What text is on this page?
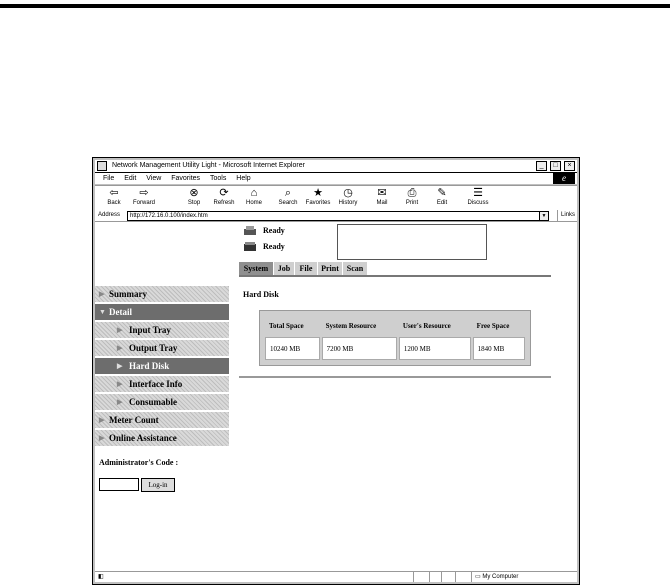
Network Management Utility Light - Microsoft Internet Explorer	_ □ ×
File Edit View Favorites Tools Help	e
⇦
Back
⇨
Forward
⊗
Stop
⟳
Refresh
⌂
Home
⌕
Search
★
Favorites
◷
History
✉
Mail
⎙
Print
✎
Edit
☰
Discuss
Address	http://172.16.0.100/index.htm	▼	Links
▶ Summary
▼ Detail
▶ Input Tray
▶ Output Tray
▶ Hard Disk
▶ Interface Info
▶ Consumable
▶ Meter Count
▶ Online Assistance
Administrator's Code :
Log-in
Ready
Ready
System	Job	File	Print Scan
Hard Disk
Total Space	System Resource	User's Resource	Free Space
10240 MB	7200 MB	1200 MB	1840 MB
◧	▭ My Computer
